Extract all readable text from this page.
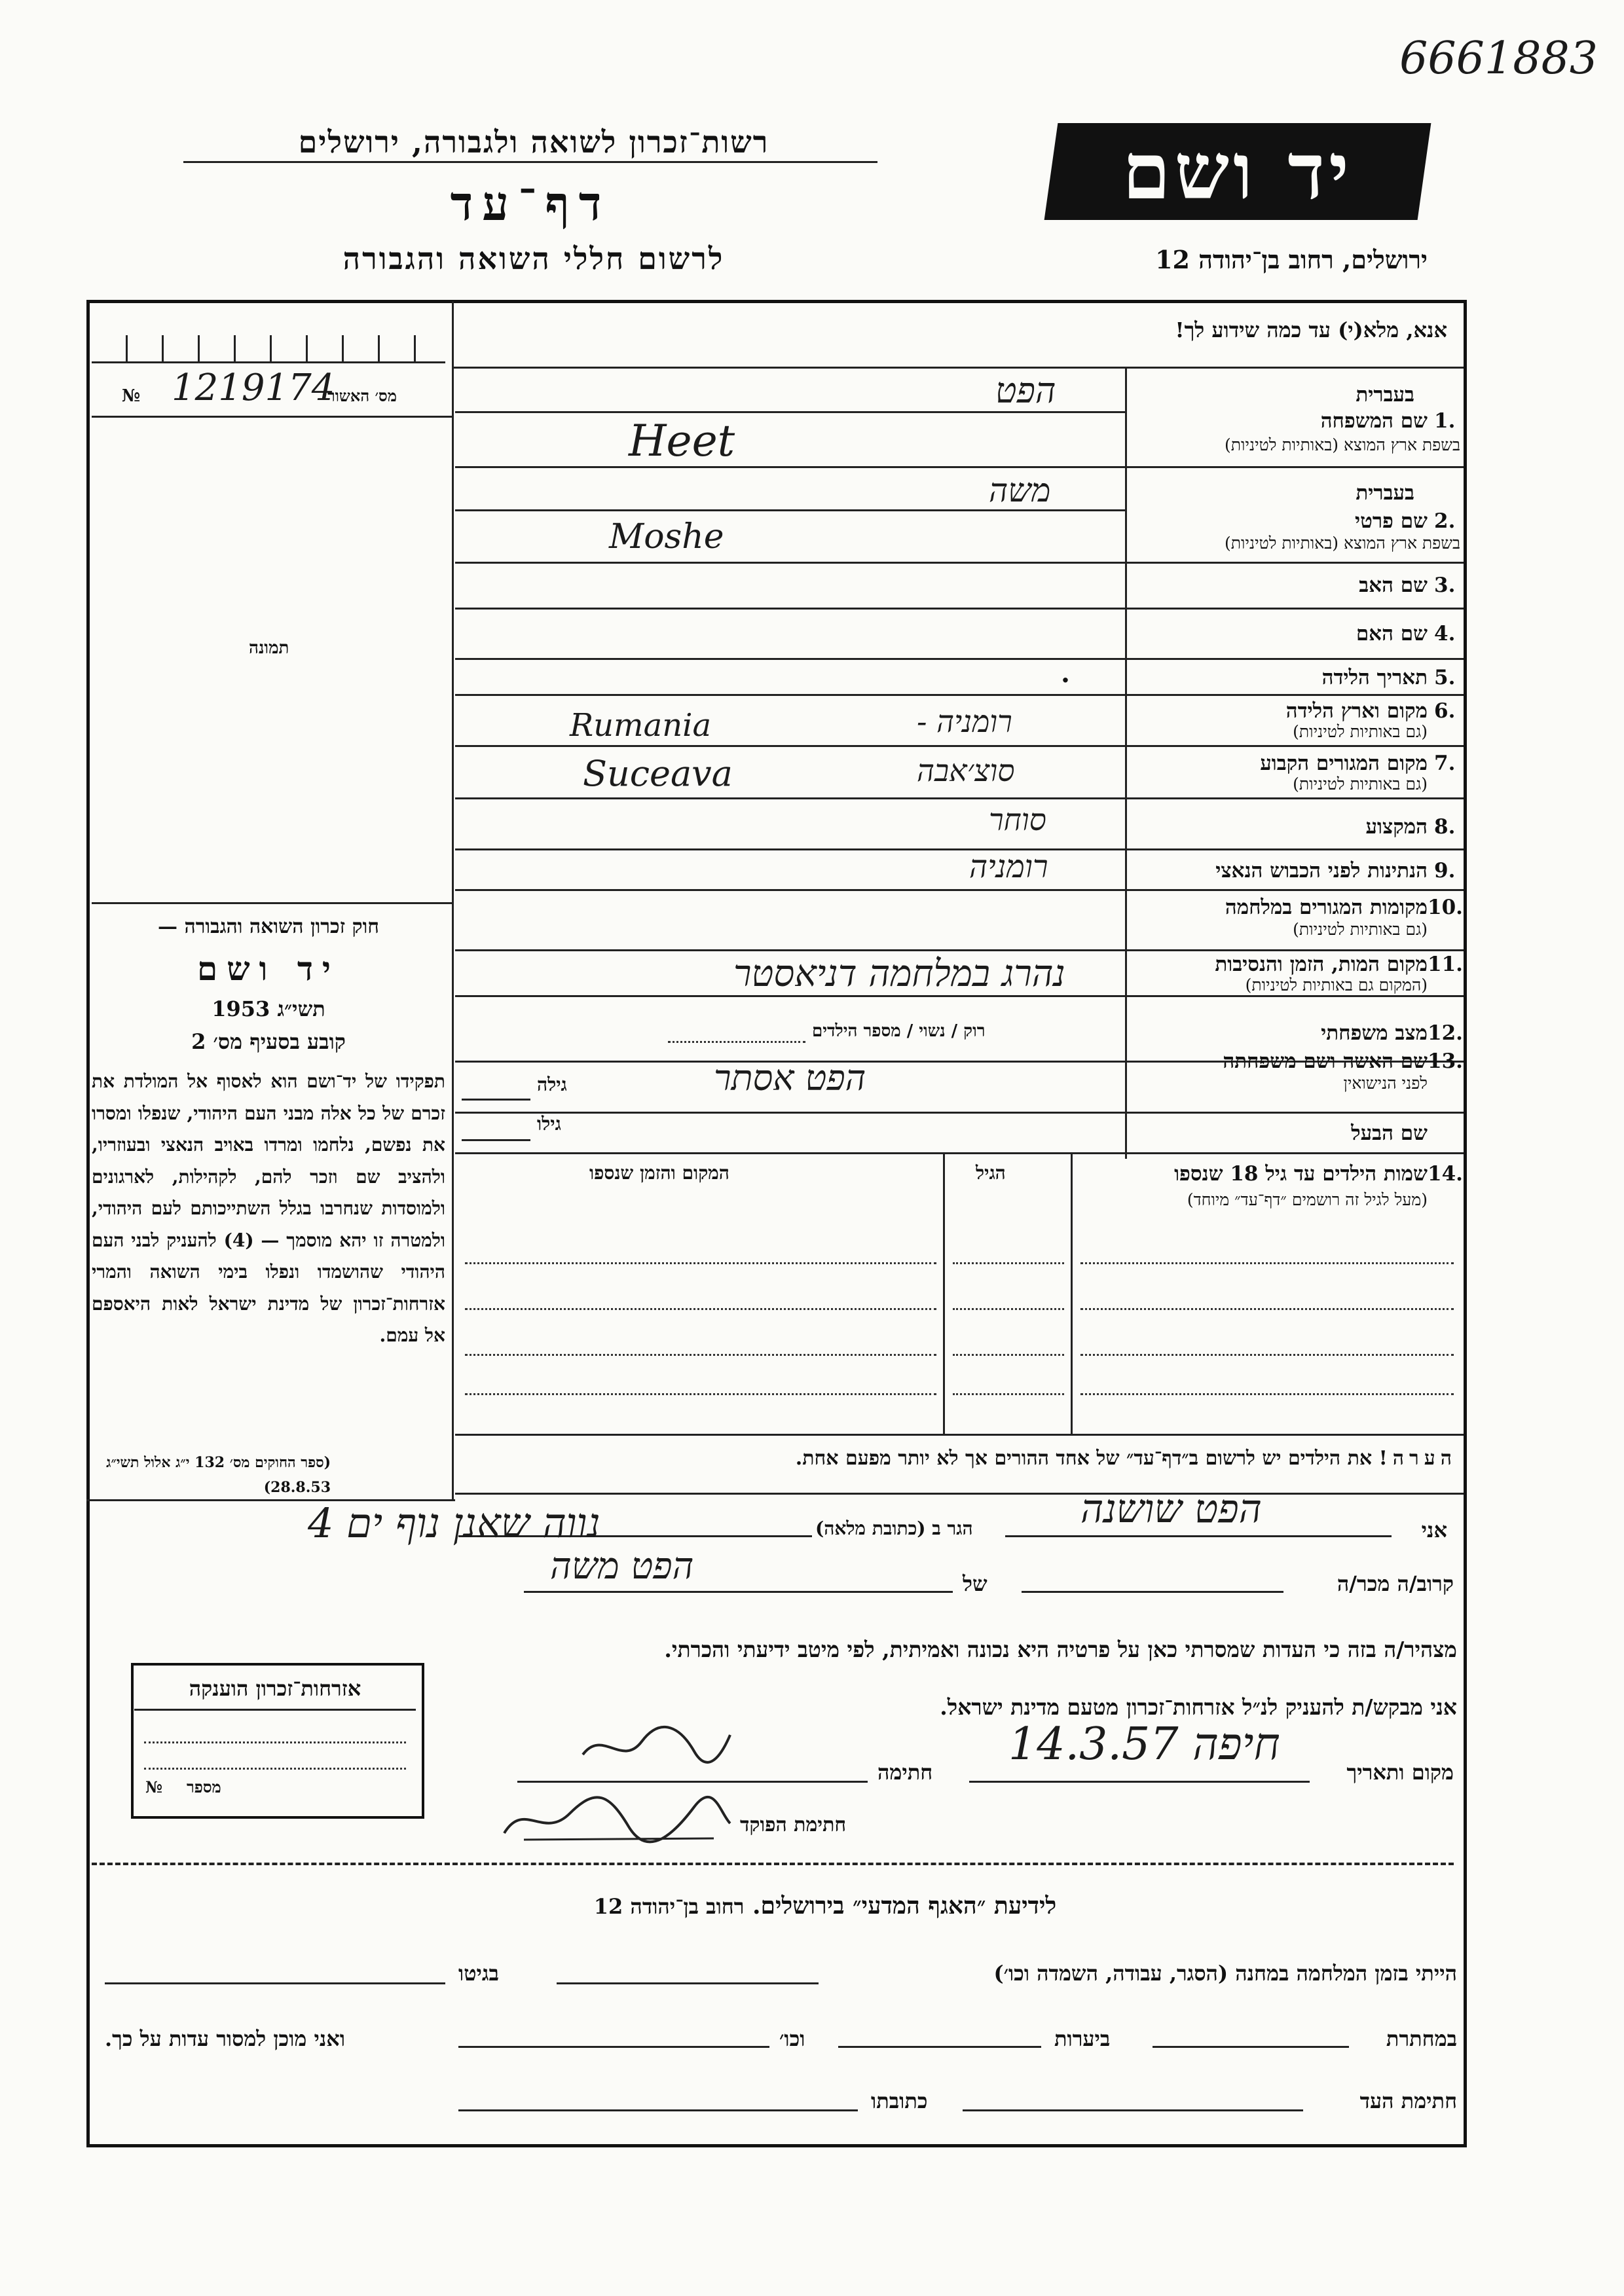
6661883
רשות־זכרון לשואה ולגבורה, ירושלים
דף־עד
לרשום חללי השואה והגבורה
יד ושם
ירושלים, רחוב בן־יהודה 12
אנא, מלא(י) עד כמה שידוע לך!
מס׳ האשור
№ 1219174
תמונה
בעברית
1.
שם המשפחה
בשפת ארץ המוצא (באותיות לטיניות)
הפט
Heet
בעברית
2.
שם פרטי
בשפת ארץ המוצא (באותיות לטיניות)
משה
Moshe
3.
שם האב
4.
שם האם
5.
תאריך הלידה
.
6.
מקום וארץ הלידה
(גם באותיות לטיניות)
רומניה -
Rumania
7.
מקום המגורים הקבוע
(גם באותיות לטיניות)
סוצ׳אבה
Suceava
8.
המקצוע
סוחר
9.
הנתינות לפני הכבוש הנאצי
רומניה
10.
מקומות המגורים במלחמה
(גם באותיות לטיניות)
11.
מקום המות, הזמן והנסיבות
(המקום גם באותיות לטיניות)
נהרג במלחמה דניאסטר
12.
מצב משפחתי
רוק / נשוי / מספר הילדים
13.
שם האשה ושם משפחתה
לפני הנישואין
הפט אסתר
גילה
שם הבעל
גילו
14.
שמות הילדים עד גיל 18 שנספו
(מעל לגיל זה רושמים ״דף־עד״ מיוחד)
הגיל
המקום והזמן שנספו
הערה! את הילדים יש לרשום ב״דף־עד״ של אחד ההורים אך לא יותר מפעם אחת.
חוק זכרון השואה והגבורה —
יד ושם
תשי״ג 1953
קובע בסעיף מס׳ 2
תפקידו של יד־ושם הוא לאסוף אל המולדת את זכרם של כל אלה מבני העם היהודי, שנפלו ומסרו את נפשם, נלחמו ומרדו באויב הנאצי ובעוזריו, ולהציב שם וזכר להם, לקהילות, לארגונים ולמוסדות שנחרבו בגלל השתייכותם לעם היהודי, ולמטרה זו יהא מוסמך — (4) להעניק לבני העם היהודי שהושמדו ונפלו בימי השואה והמרי אזרחות־זכרון של מדינת ישראל לאות היאספם אל עמם.
(ספר החוקים מס׳ 132 י״ג אלול תשי״ג 28.8.53)
אני
הפט שושנה
הגר ב (כתובת מלאה)
נווה שאנן נוף ים 4
קרוב/ה מכר/ה
של
הפט משה
מצהיר/ה בזה כי העדות שמסרתי כאן על פרטיה היא נכונה ואמיתית, לפי מיטב ידיעתי והכרתי.
אני מבקש/ת להעניק לנ״ל אזרחות־זכרון מטעם מדינת ישראל.
מקום ותאריך
חיפה 14.3.57
חתימה
חתימת הפוקד
אזרחות־זכרון הוענקה
מספר
№
לידיעת ״האגף המדעי״ בירושלים. רחוב בן־יהודה 12
הייתי בזמן המלחמה במחנה (הסגר, עבודה, השמדה וכו׳)
בגיטו
במחתרת
ביערות
וכו׳
ואני מוכן למסור עדות על כך.
חתימת העד
כתובתו
